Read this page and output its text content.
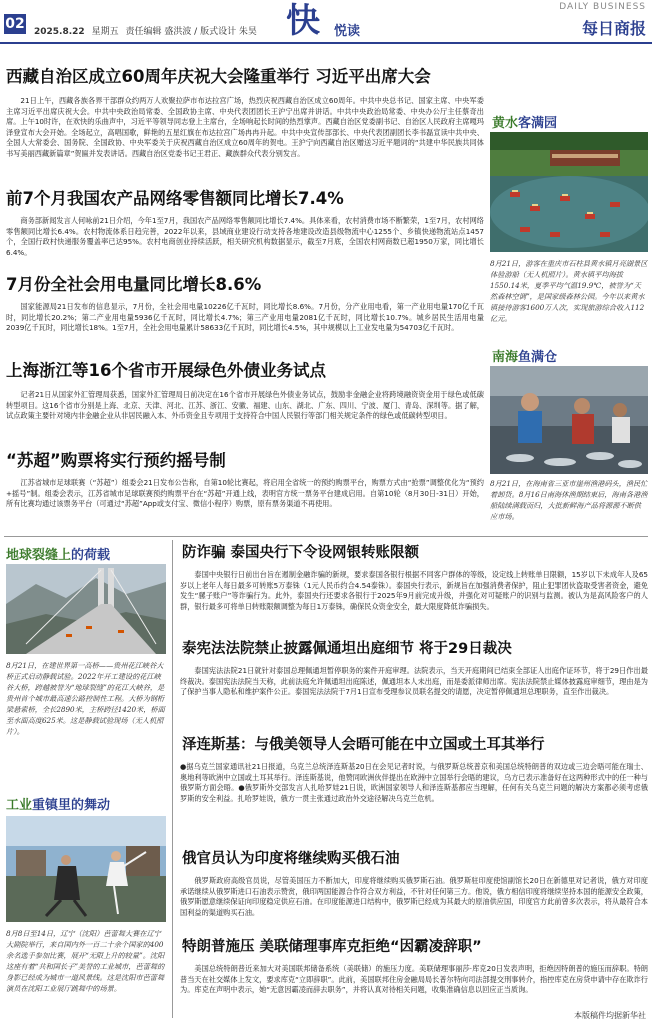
02 2025.8.22 星期五 责任编辑 盛洪波 / 版式设计 朱昊 快 悦读
DAILY BUSINESS
每日商报
西藏自治区成立60周年庆祝大会隆重举行 习近平出席大会
21日上午，西藏各族各界干部群众约两万人欢聚拉萨市布达拉宫广场，热烈庆祝西藏自治区成立60周年。中共中央总书记、国家主席、中央军委主席习近平出席庆祝大会。中共中央政治局常委、全国政协主席、中央代表团团长王沪宁出席并讲话。中共中央政治局常委、中央办公厅主任蔡奇出席。上午10时许，在欢快的乐曲声中，习近平等领导同志登上主席台，全场响起长时间的热烈掌声。西藏自治区党委副书记、自治区人民政府主席嘎玛泽登宣布大会开始。全场起立，高唱国歌，鲜艳的五星红旗在布达拉宫广场冉冉升起。中共中央宣传部部长、中央代表团副团长李书磊宣读中共中央、全国人大常委会、国务院、全国政协、中央军委关于庆祝西藏自治区成立60周年的贺电。王沪宁向西藏自治区赠送习近平题词的“共建中华民族共同体 书写美丽西藏新篇章”贺匾并发表讲话。西藏自治区党委书记王君正、藏族群众代表分别发言。
前7个月我国农产品网络零售额同比增长7.4%
商务部新闻发言人何咏前21日介绍，今年1至7月，我国农产品网络零售额同比增长7.4%。具体来看，农村消费市场不断繁荣，1至7月，农村网络零售额同比增长6.4%。农村物流体系日趋完善，2022年以来，县域商业建设行动支持各地建设改造县级物流中心1255个、乡镇快递物流站点1457个，全国行政村快递服务覆盖率已达95%。农村电商创业持续活跃，相关研究机构数据显示，截至7月底，全国农村网商数已超1950万家，同比增长6.4%。
7月份全社会用电量同比增长8.6%
国家能源局21日发布的信息显示，7月份，全社会用电量10226亿千瓦时，同比增长8.6%。7月份，分产业用电看，第一产业用电量170亿千瓦时，同比增长20.2%；第二产业用电量5936亿千瓦时，同比增长4.7%；第三产业用电量2081亿千瓦时，同比增长10.7%。城乡居民生活用电量2039亿千瓦时，同比增长18%。1至7月，全社会用电量累计58633亿千瓦时，同比增长4.5%，其中规模以上工业发电量为54703亿千瓦时。
上海浙江等16个省市开展绿色外债业务试点
记者21日从国家外汇管理局获悉，国家外汇管理局日前决定在16个省市开展绿色外债业务试点，鼓励非金融企业将跨境融资资金用于绿色或低碳转型项目。这16个省市分别是上海、北京、天津、河北、江苏、浙江、安徽、福建、山东、湖北、广东、四川、宁波、厦门、青岛、深圳等。据了解，试点政策主要针对境内非金融企业从非居民融入本、外币资金且专项用于支持符合中国人民银行等部门相关规定条件的绿色或低碳转型项目。
“苏超”购票将实行预约摇号制
江苏省城市足球联赛（“苏超”）组委会21日发布公告称，自第10轮比赛起，将启用全省统一的预约购票平台，购票方式由“抢票”调整优化为“预约+摇号”制。组委会表示，江苏省城市足球联赛预约购票平台在“苏超”开通上线，表明官方统一票务平台建成启用。自第10轮（8月30日-31日）开始，所有比赛均通过该票务平台（可通过“苏超”App或支付宝、微信小程序）购票，原有票务渠道不再使用。
黄水客满园
8月21日，游客在重庆市石柱县黄水镇月亮湖景区体验游船（无人机照片）。黄水镇平均海拔1550.14米，夏季平均气温19.9℃，被誉为“天然森林空调”，是国家级森林公园。今年以来黄水镇接待游客1600万人次，实现旅游综合收入112亿元。
南海鱼满仓
8月21日，在海南省三亚市崖州渔港码头，渔民忙着卸货。8月16日南海休渔期结束后，海南各港渔船陆续满载而归，大批新鲜海产品将源源不断供应市场。
地球裂缝上的荷载
8月21日，在建世界第一高桥——贵州花江峡谷大桥正式启动静载试验。2022年开工建设的花江峡谷大桥，跨越被誉为“地球裂缝”的花江大峡谷，是贵州首个城市最高速公路控制性工程。大桥为钢桁梁悬索桥，全长2890米，主桥跨径1420米，桥面至水面高度625米。这是静载试验现场（无人机照片）。
工业重镇里的舞动
8月8日至14日，辽宁（沈阳）芭蕾舞大赛在辽宁大剧院举行，来自国内外一百二十余个国家的400余名选手参加比赛，展开“无限上升的较量”。沈阳这座有着“共和国长子”美誉的工业城市，芭蕾舞的身影已经成为城市一道风景线。这是沈阳市芭蕾舞演员在沈阳工业展厅跳舞中的场景。
防诈骗 泰国央行下令设网银转账限额
泰国中央银行日前出台旨在遏制金融诈骗的新规，要求泰国各银行根据不同客户群体的等级，设定线上转账单日限额，15岁以下未成年人及65岁以上老年人每日最多可转账5万泰铢（1元人民币约合4.54泰铢）。泰国央行表示，新规旨在加强消费者保护，阻止犯罪团伙盗取受害者资金，避免发生“骡子账户”等诈骗行为。此外，泰国央行还要求各银行于2025年9月前完成升级，并强化对可疑账户的识别与监测。被认为是高风险客户的人群，银行最多可将单日转账限额调整为每日1万泰铢，确保民众资金安全，最大限度降低诈骗损失。
泰宪法法院禁止披露佩通坦出庭细节 将于29日裁决
泰国宪法法院21日就针对泰国总理佩通坦暂停职务的案件开庭审理。法院表示，当天开庭期间已结束全部证人出庭作证环节，将于29日作出最终裁决。泰国宪法法院当天称，此前法庭允许佩通坦出庭陈述，佩通坦本人未出庭，而是委派律师出席。宪法法院禁止媒体披露庭审细节，理由是为了保护当事人隐私和维护案件公正。泰国宪法法院于7月1日宣布受理参议员联名提交的请愿，决定暂停佩通坦总理职务，直至作出裁决。
泽连斯基：与俄美领导人会晤可能在中立国或土耳其举行
●据乌克兰国家通讯社21日报道，乌克兰总统泽连斯基20日在会见记者时说，与俄罗斯总统普京和美国总统特朗普的双边或三边会晤可能在瑞士、奥地利等欧洲中立国或土耳其举行。泽连斯基说，他赞同欧洲伙伴提出在欧洲中立国举行会晤的建议，乌方已表示准备好在这两种形式中的任一种与俄罗斯方面会晤。●俄罗斯外交部发言人扎哈罗娃21日说，欧洲国家领导人和泽连斯基都应当理解，任何有关乌克兰问题的解决方案都必须考虑俄罗斯的安全利益。扎哈罗娃说，俄方一贯主张通过政治外交途径解决乌克兰危机。
俄官员认为印度将继续购买俄石油
俄罗斯政府高级官员说，尽管美国压力不断加大，印度将继续购买俄罗斯石油。俄罗斯驻印度使馆副馆长20日在新德里对记者说，俄方对印度承诺继续从俄罗斯进口石油表示赞赏，俄印两国能源合作符合双方利益，不针对任何第三方。他说，俄方相信印度将继续坚持本国的能源安全政策，俄罗斯愿意继续保证向印度稳定供应石油。在印度能源进口结构中，俄罗斯已经成为其最大的原油供应国，印度官方此前曾多次表示，将从最符合本国利益的渠道购买石油。
特朗普施压 美联储理事库克拒绝“因霸凌辞职”
美国总统特朗普近来加大对美国联邦储备系统（美联储）的施压力度。美联储理事丽莎·库克20日发表声明，拒绝因特朗普的施压而辞职。特朗普当天在社交媒体上发文，要求库克“立即辞职”。此前，美国联邦住房金融局局长普尔特向司法部提交刑事转介，指控库克在房贷申请中存在欺诈行为。库克在声明中表示，她“无意因霸凌而辞去职务”，并将认真对待相关问题，收集准确信息以回应正当质询。
本版稿件均据新华社
